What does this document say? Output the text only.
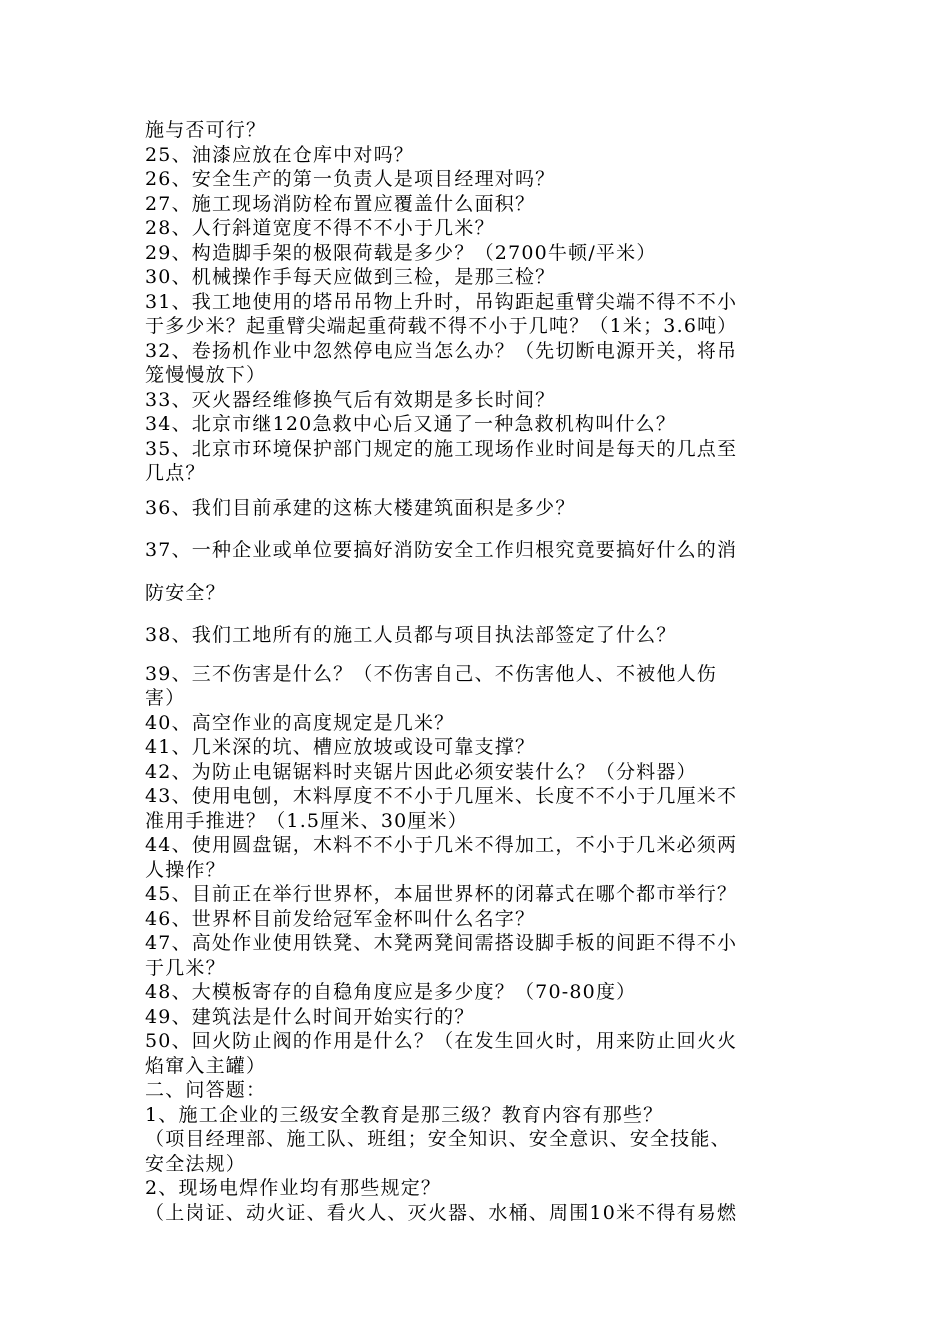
施与否可行？
25、油漆应放在仓库中对吗？
26、安全生产的第一负责人是项目经理对吗？
27、施工现场消防栓布置应覆盖什么面积？
28、人行斜道宽度不得不不小于几米？
29、构造脚手架的极限荷载是多少？（2700牛顿/平米）
30、机械操作手每天应做到三检，是那三检？
31、我工地使用的塔吊吊物上升时，吊钩距起重臂尖端不得不不小
于多少米？起重臂尖端起重荷载不得不小于几吨？（1米；3.6吨）
32、卷扬机作业中忽然停电应当怎么办？（先切断电源开关，将吊
笼慢慢放下）
33、灭火器经维修换气后有效期是多长时间？
34、北京市继120急救中心后又通了一种急救机构叫什么？
35、北京市环境保护部门规定的施工现场作业时间是每天的几点至
几点？
36、我们目前承建的这栋大楼建筑面积是多少？
37、一种企业或单位要搞好消防安全工作归根究竟要搞好什么的消
防安全？
38、我们工地所有的施工人员都与项目执法部签定了什么？
39、三不伤害是什么？（不伤害自己、不伤害他人、不被他人伤
害）
40、高空作业的高度规定是几米？
41、几米深的坑、槽应放坡或设可靠支撑？
42、为防止电锯锯料时夹锯片因此必须安装什么？（分料器）
43、使用电刨，木料厚度不不小于几厘米、长度不不小于几厘米不
准用手推进？（1.5厘米、30厘米）
44、使用圆盘锯，木料不不小于几米不得加工，不小于几米必须两
人操作？
45、目前正在举行世界杯，本届世界杯的闭幕式在哪个都市举行？
46、世界杯目前发给冠军金杯叫什么名字？
47、高处作业使用铁凳、木凳两凳间需搭设脚手板的间距不得不小
于几米？
48、大模板寄存的自稳角度应是多少度？（70-80度）
49、建筑法是什么时间开始实行的？
50、回火防止阀的作用是什么？（在发生回火时，用来防止回火火
焰窜入主罐）
二、问答题：
1、施工企业的三级安全教育是那三级？教育内容有那些？
（项目经理部、施工队、班组；安全知识、安全意识、安全技能、
安全法规）
2、现场电焊作业均有那些规定？
（上岗证、动火证、看火人、灭火器、水桶、周围10米不得有易燃
